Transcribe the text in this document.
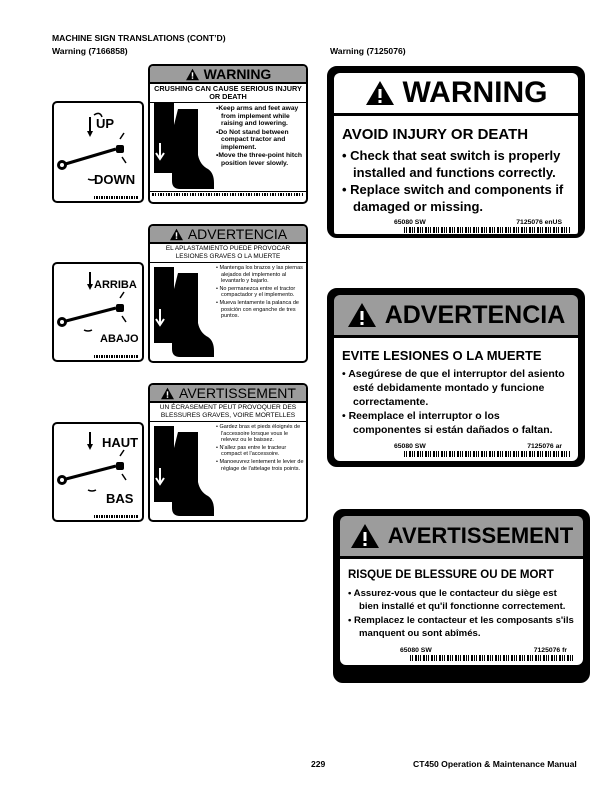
MACHINE SIGN TRANSLATIONS (CONT’D)
Warning (7166858)	Warning (7125076)
UP
DOWN
WARNING
CRUSHING CAN CAUSE SERIOUS INJURY OR DEATH
•Keep arms and feet away from implement while raising and lowering.
•Do Not stand between compact tractor and implement.
•Move the three-point hitch position lever slowly.
ARRIBA
ABAJO
ADVERTENCIA
EL APLASTAMIENTO PUEDE PROVOCAR LESIONES GRAVES O LA MUERTE
• Mantenga los brazos y las piernas alejados del implemento al levantarlo y bajarlo.
• No permanezca entre el tractor compactador y el implemento.
• Mueva lentamente la palanca de posición con enganche de tres puntos.
HAUT
BAS
AVERTISSEMENT
UN ÉCRASEMENT PEUT PROVOQUER DES BLESSURES GRAVES, VOIRE MORTELLES
• Gardez bras et pieds éloignés de l'accessoire lorsque vous le relevez ou le baissez.
• N'allez pas entre le tracteur compact et l'accessoire.
• Manoeuvrez lentement le levier de réglage de l'attelage trois points.
WARNING
AVOID INJURY OR DEATH
• Check that seat switch is properly installed and functions correctly.
• Replace switch and components if damaged or missing.
65080 SW	7125076 enUS
ADVERTENCIA
EVITE LESIONES O LA MUERTE
• Asegúrese de que el interruptor del asiento esté debidamente montado y funcione correctamente.
• Reemplace el interruptor o los componentes si están dañados o faltan.
65080 SW	7125076 ar
AVERTISSEMENT
RISQUE DE BLESSURE OU DE MORT
• Assurez-vous que le contacteur du siège est bien installé et qu'il fonctionne correctement.
• Remplacez le contacteur et les composants s'ils manquent ou sont abîmés.
65080 SW	7125076 fr
229	CT450 Operation & Maintenance Manual
